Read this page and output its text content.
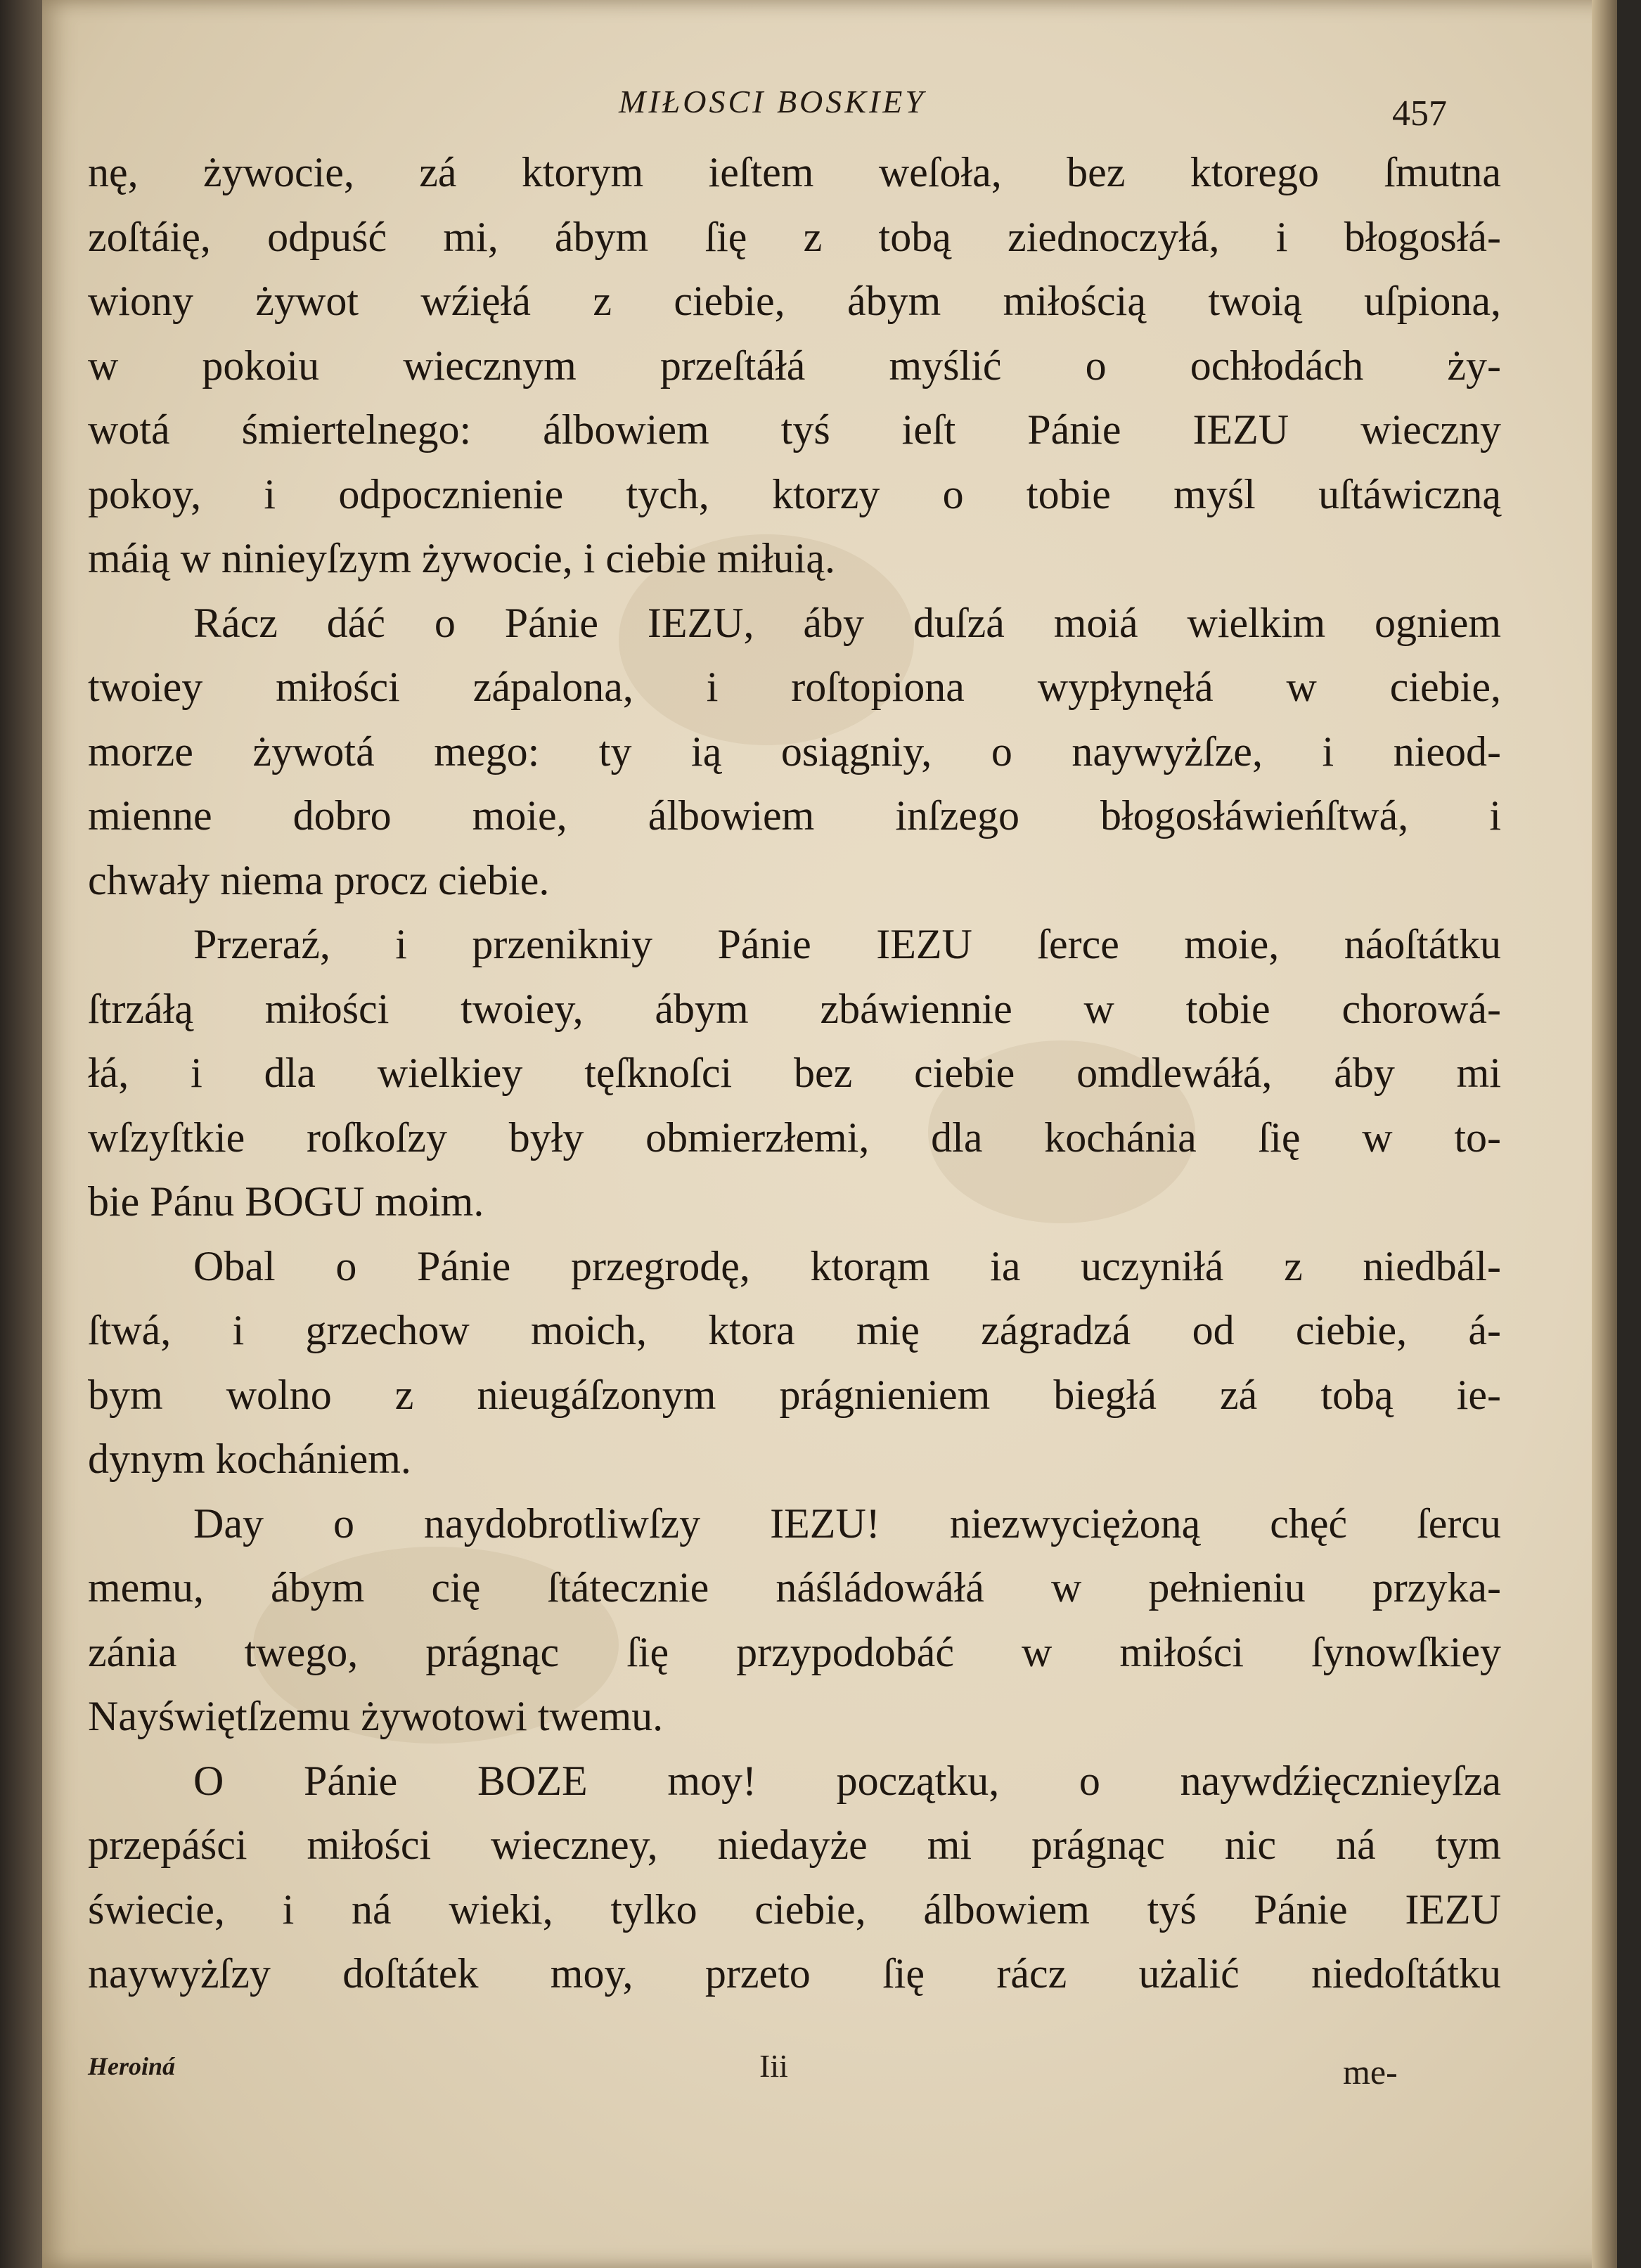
MIŁOSCI BOSKIEY	457
nę, żywocie, zá ktorym ieſtem weſoła, bez ktorego ſmutna
zoſtáię, odpuść mi, ábym ſię z tobą ziednoczyłá, i błogosłá-
wiony żywot wźięłá z ciebie, ábym miłością twoią uſpiona,
w pokoiu wiecznym przeſtáłá myślić o ochłodách ży-
wotá śmiertelnego: álbowiem tyś ieſt Pánie IEZU wieczny
pokoy, i odpocznienie tych, ktorzy o tobie myśl uſtáwiczną
máią w ninieyſzym żywocie, i ciebie miłuią.
Rácz dáć o Pánie IEZU, áby duſzá moiá wielkim ogniem
twoiey miłości zápalona, i roſtopiona wypłynęłá w ciebie,
morze żywotá mego: ty ią osiągniy, o naywyżſze, i nieod-
mienne dobro moie, álbowiem inſzego błogosłáwieńſtwá, i
chwały niema procz ciebie.
Przeraź, i przenikniy Pánie IEZU ſerce moie, náoſtátku
ſtrzáłą miłości twoiey, ábym zbáwiennie w tobie chorowá-
łá, i dla wielkiey tęſknoſci bez ciebie omdlewáłá, áby mi
wſzyſtkie roſkoſzy były obmierzłemi, dla kochánia ſię w to-
bie Pánu BOGU moim.
Obal o Pánie przegrodę, ktorąm ia uczyniłá z niedbál-
ſtwá, i grzechow moich, ktora mię zágradzá od ciebie, á-
bym wolno z nieugáſzonym prágnieniem biegłá zá tobą ie-
dynym kochániem.
Day o naydobrotliwſzy IEZU! niezwyciężoną chęć ſercu
memu, ábym cię ſtátecznie náśládowáłá w pełnieniu przyka-
zánia twego, prágnąc ſię przypodobáć w miłości ſynowſkiey
Nayświętſzemu żywotowi twemu.
O Pánie BOZE moy! początku, o naywdźięcznieyſza
przepáści miłości wieczney, niedayże mi prágnąc nic ná tym
świecie, i ná wieki, tylko ciebie, álbowiem tyś Pánie IEZU
naywyżſzy doſtátek moy, przeto ſię rácz użalić niedoſtátku
Heroiná	Iii	me-
